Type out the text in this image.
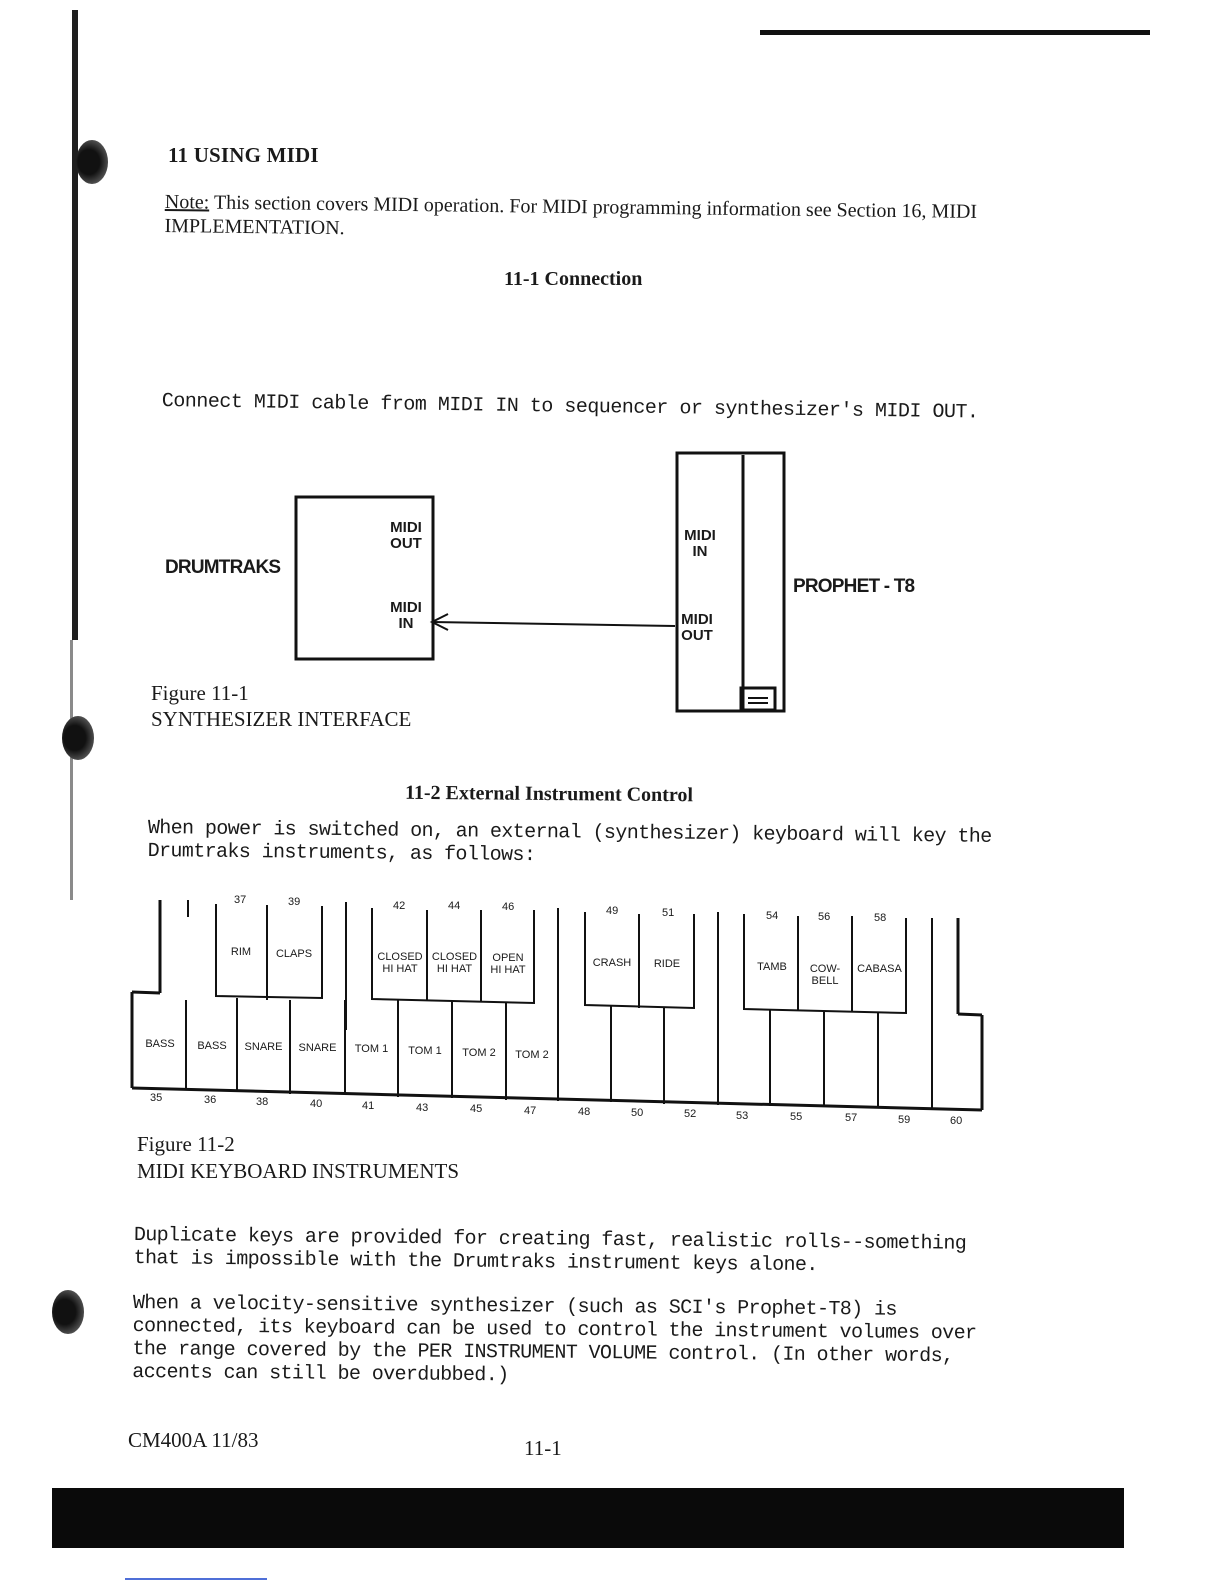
11 USING MIDI
Note: This section covers MIDI operation. For MIDI programming information see Section 16, MIDI IMPLEMENTATION.
11-1 Connection
Connect MIDI cable from MIDI IN to sequencer or synthesizer's MIDI OUT.
MIDI
OUT
MIDI
IN
DRUMTRAKS
MIDI
IN
MIDI
OUT
PROPHET - T8
Figure 11-1
SYNTHESIZER INTERFACE
11-2 External Instrument Control
When power is switched on, an external (synthesizer) keyboard will key the Drumtraks instruments, as follows:
37
RIM
39
CLAPS
42
CLOSED
HI HAT
44
CLOSED
HI HAT
46
OPEN
HI HAT
49
CRASH
51
RIDE
54
TAMB
56
COW-
BELL
58
CABASA
BASS	BASS	SNARE	SNARE	TOM 1	TOM 1	TOM 2	TOM 2
35	36	38	40	41	43	45	47	48	50	52	53	55	57	59	60
Figure 11-2
MIDI KEYBOARD INSTRUMENTS
Duplicate keys are provided for creating fast, realistic rolls--something that is impossible with the Drumtraks instrument keys alone.
When a velocity-sensitive synthesizer (such as SCI's Prophet-T8) is connected, its keyboard can be used to control the instrument volumes over the range covered by the PER INSTRUMENT VOLUME control. (In other words, accents can still be overdubbed.)
CM400A 11/83	11-1
